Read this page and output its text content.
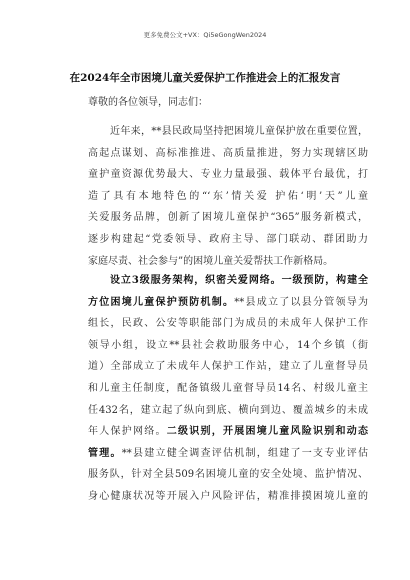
更多免费公文+VX：Qi5eGongWen2024
在2024年全市困境儿童关爱保护工作推进会上的汇报发言
尊敬的各位领导，同志们：
近年来，**县民政局坚持把困境儿童保护放在重要位置，
高起点谋划、高标准推进、高质量推进，努力实现辖区助
童护童资源优势最大、专业力量最强、载体平台最优，打
造了具有本地特色的“‘东’情关爱 护佑‘明’天”儿童
关爱服务品牌，创新了困境儿童保护“365”服务新模式，
逐步构建起“党委领导、政府主导、部门联动、群团助力
家庭尽责、社会参与”的困境儿童关爱帮扶工作新格局。
设立3级服务架构，织密关爱网络。一级预防，构建全
方位困境儿童保护预防机制。**县成立了以县分管领导为
组长，民政、公安等职能部门为成员的未成年人保护工作
领导小组，设立**县社会救助服务中心，14个乡镇（街
道）全部成立了未成年人保护工作站，建立了儿童督导员
和儿童主任制度，配备镇级儿童督导员14名、村级儿童主
任432名，建立起了纵向到底、横向到边、覆盖城乡的未成
年人保护网络。二级识别，开展困境儿童风险识别和动态
管理。**县建立健全调查评估机制，组建了一支专业评估
服务队，针对全县509名困境儿童的安全处境、监护情况、
身心健康状况等开展入户风险评估，精准排摸困境儿童的
